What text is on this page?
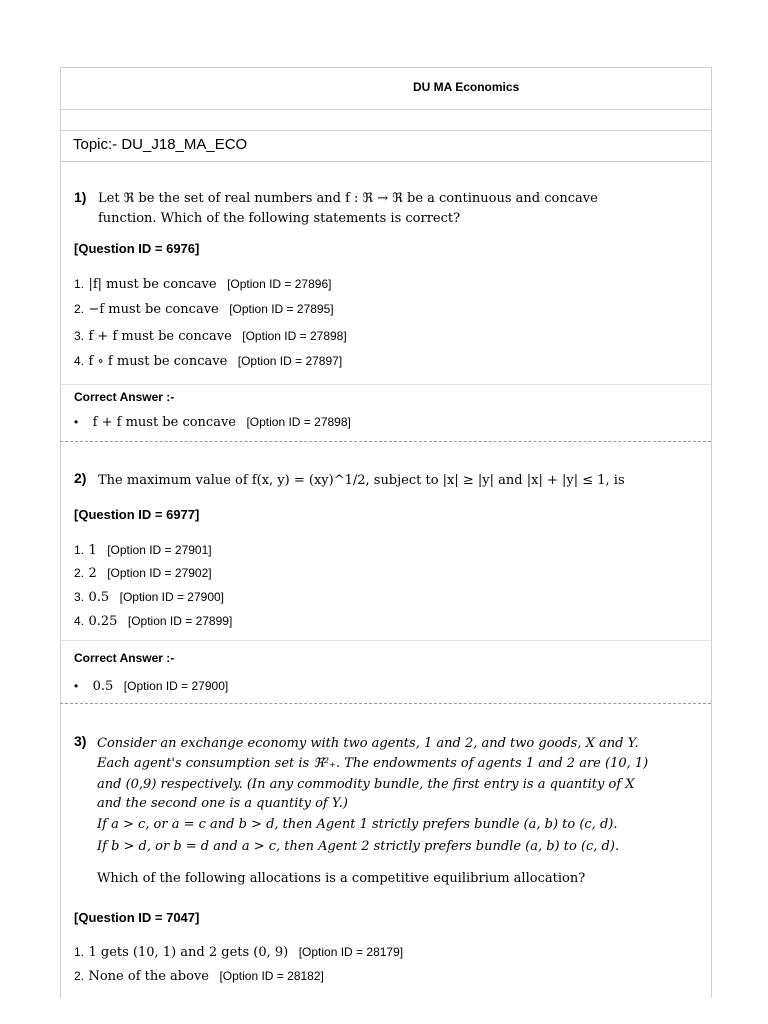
DU MA Economics
Topic:- DU_J18_MA_ECO
1) Let ℜ be the set of real numbers and f : ℜ → ℜ be a continuous and concave
function. Which of the following statements is correct?
[Question ID = 6976]
1. |f| must be concave [Option ID = 27896]
2. −f must be concave [Option ID = 27895]
3. f + f must be concave [Option ID = 27898]
4. f ∘ f must be concave [Option ID = 27897]
Correct Answer :-
• f + f must be concave [Option ID = 27898]
2) The maximum value of f(x, y) = (xy)^1/2, subject to |x| ≥ |y| and |x| + |y| ≤ 1, is
[Question ID = 6977]
1. 1 [Option ID = 27901]
2. 2 [Option ID = 27902]
3. 0.5 [Option ID = 27900]
4. 0.25 [Option ID = 27899]
Correct Answer :-
• 0.5 [Option ID = 27900]
3) Consider an exchange economy with two agents, 1 and 2, and two goods, X and Y.
Each agent's consumption set is ℜ²₊. The endowments of agents 1 and 2 are (10, 1)
and (0,9) respectively. (In any commodity bundle, the first entry is a quantity of X
and the second one is a quantity of Y.)
If a > c, or a = c and b > d, then Agent 1 strictly prefers bundle (a, b) to (c, d).
If b > d, or b = d and a > c, then Agent 2 strictly prefers bundle (a, b) to (c, d).
Which of the following allocations is a competitive equilibrium allocation?
[Question ID = 7047]
1. 1 gets (10, 1) and 2 gets (0, 9) [Option ID = 28179]
2. None of the above [Option ID = 28182]
